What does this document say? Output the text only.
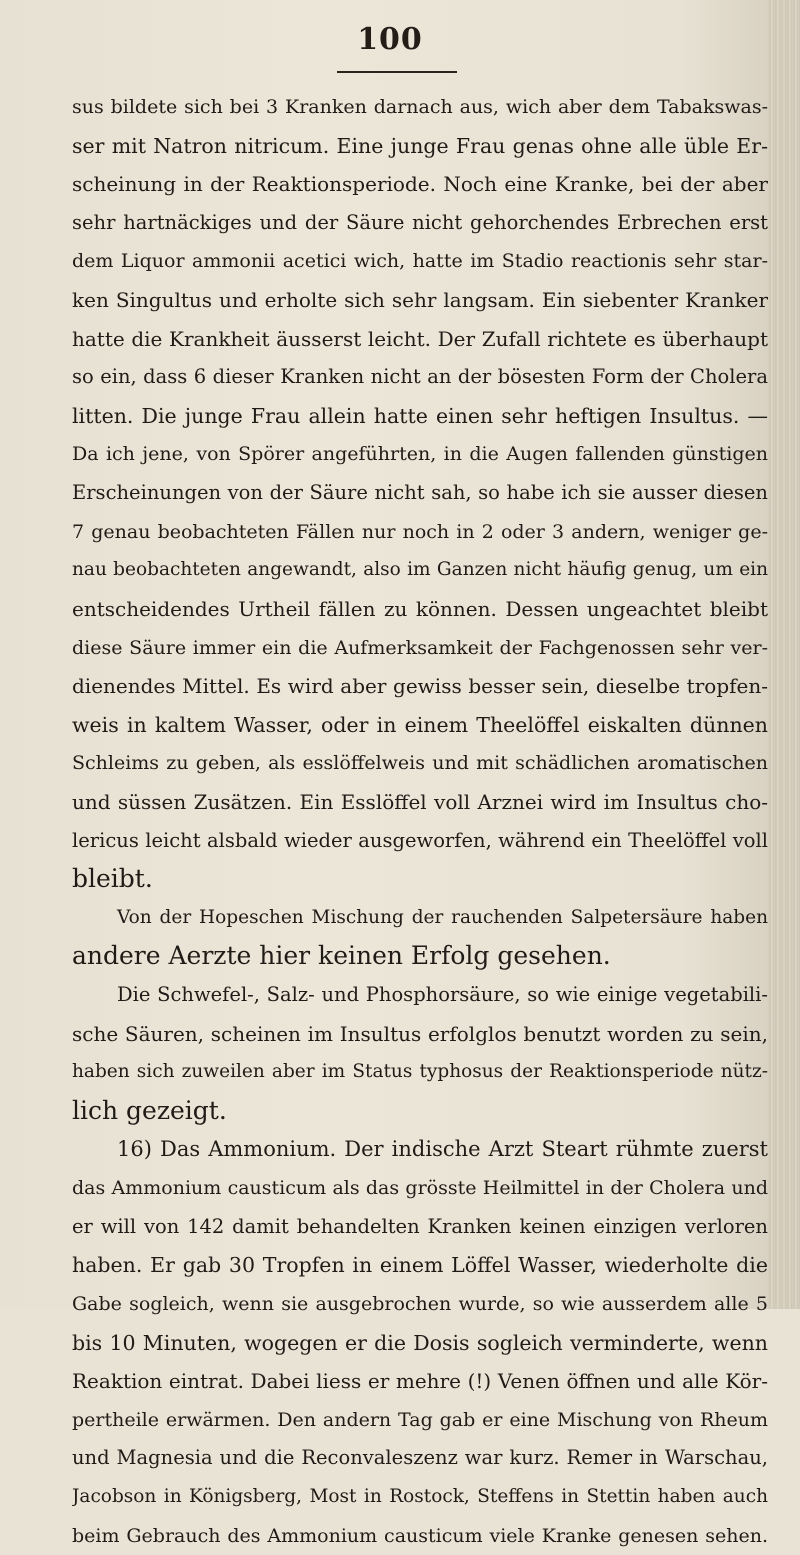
100
sus bildete sich bei 3 Kranken darnach aus, wich aber dem Tabakswas-
ser mit Natron nitricum. Eine junge Frau genas ohne alle üble Er-
scheinung in der Reaktionsperiode. Noch eine Kranke, bei der aber
sehr hartnäckiges und der Säure nicht gehorchendes Erbrechen erst
dem Liquor ammonii acetici wich, hatte im Stadio reactionis sehr star-
ken Singultus und erholte sich sehr langsam. Ein siebenter Kranker
hatte die Krankheit äusserst leicht. Der Zufall richtete es überhaupt
so ein, dass 6 dieser Kranken nicht an der bösesten Form der Cholera
litten. Die junge Frau allein hatte einen sehr heftigen Insultus. —
Da ich jene, von Spörer angeführten, in die Augen fallenden günstigen
Erscheinungen von der Säure nicht sah, so habe ich sie ausser diesen
7 genau beobachteten Fällen nur noch in 2 oder 3 andern, weniger ge-
nau beobachteten angewandt, also im Ganzen nicht häufig genug, um ein
entscheidendes Urtheil fällen zu können. Dessen ungeachtet bleibt
diese Säure immer ein die Aufmerksamkeit der Fachgenossen sehr ver-
dienendes Mittel. Es wird aber gewiss besser sein, dieselbe tropfen-
weis in kaltem Wasser, oder in einem Theelöffel eiskalten dünnen
Schleims zu geben, als esslöffelweis und mit schädlichen aromatischen
und süssen Zusätzen. Ein Esslöffel voll Arznei wird im Insultus cho-
lericus leicht alsbald wieder ausgeworfen, während ein Theelöffel voll
bleibt.
Von der Hopeschen Mischung der rauchenden Salpetersäure haben
andere Aerzte hier keinen Erfolg gesehen.
Die Schwefel-, Salz- und Phosphorsäure, so wie einige vegetabili-
sche Säuren, scheinen im Insultus erfolglos benutzt worden zu sein,
haben sich zuweilen aber im Status typhosus der Reaktionsperiode nütz-
lich gezeigt.
16) Das Ammonium. Der indische Arzt Steart rühmte zuerst
das Ammonium causticum als das grösste Heilmittel in der Cholera und
er will von 142 damit behandelten Kranken keinen einzigen verloren
haben. Er gab 30 Tropfen in einem Löffel Wasser, wiederholte die
Gabe sogleich, wenn sie ausgebrochen wurde, so wie ausserdem alle 5
bis 10 Minuten, wogegen er die Dosis sogleich verminderte, wenn
Reaktion eintrat. Dabei liess er mehre (!) Venen öffnen und alle Kör-
pertheile erwärmen. Den andern Tag gab er eine Mischung von Rheum
und Magnesia und die Reconvaleszenz war kurz. Remer in Warschau,
Jacobson in Königsberg, Most in Rostock, Steffens in Stettin haben auch
beim Gebrauch des Ammonium causticum viele Kranke genesen sehen.
